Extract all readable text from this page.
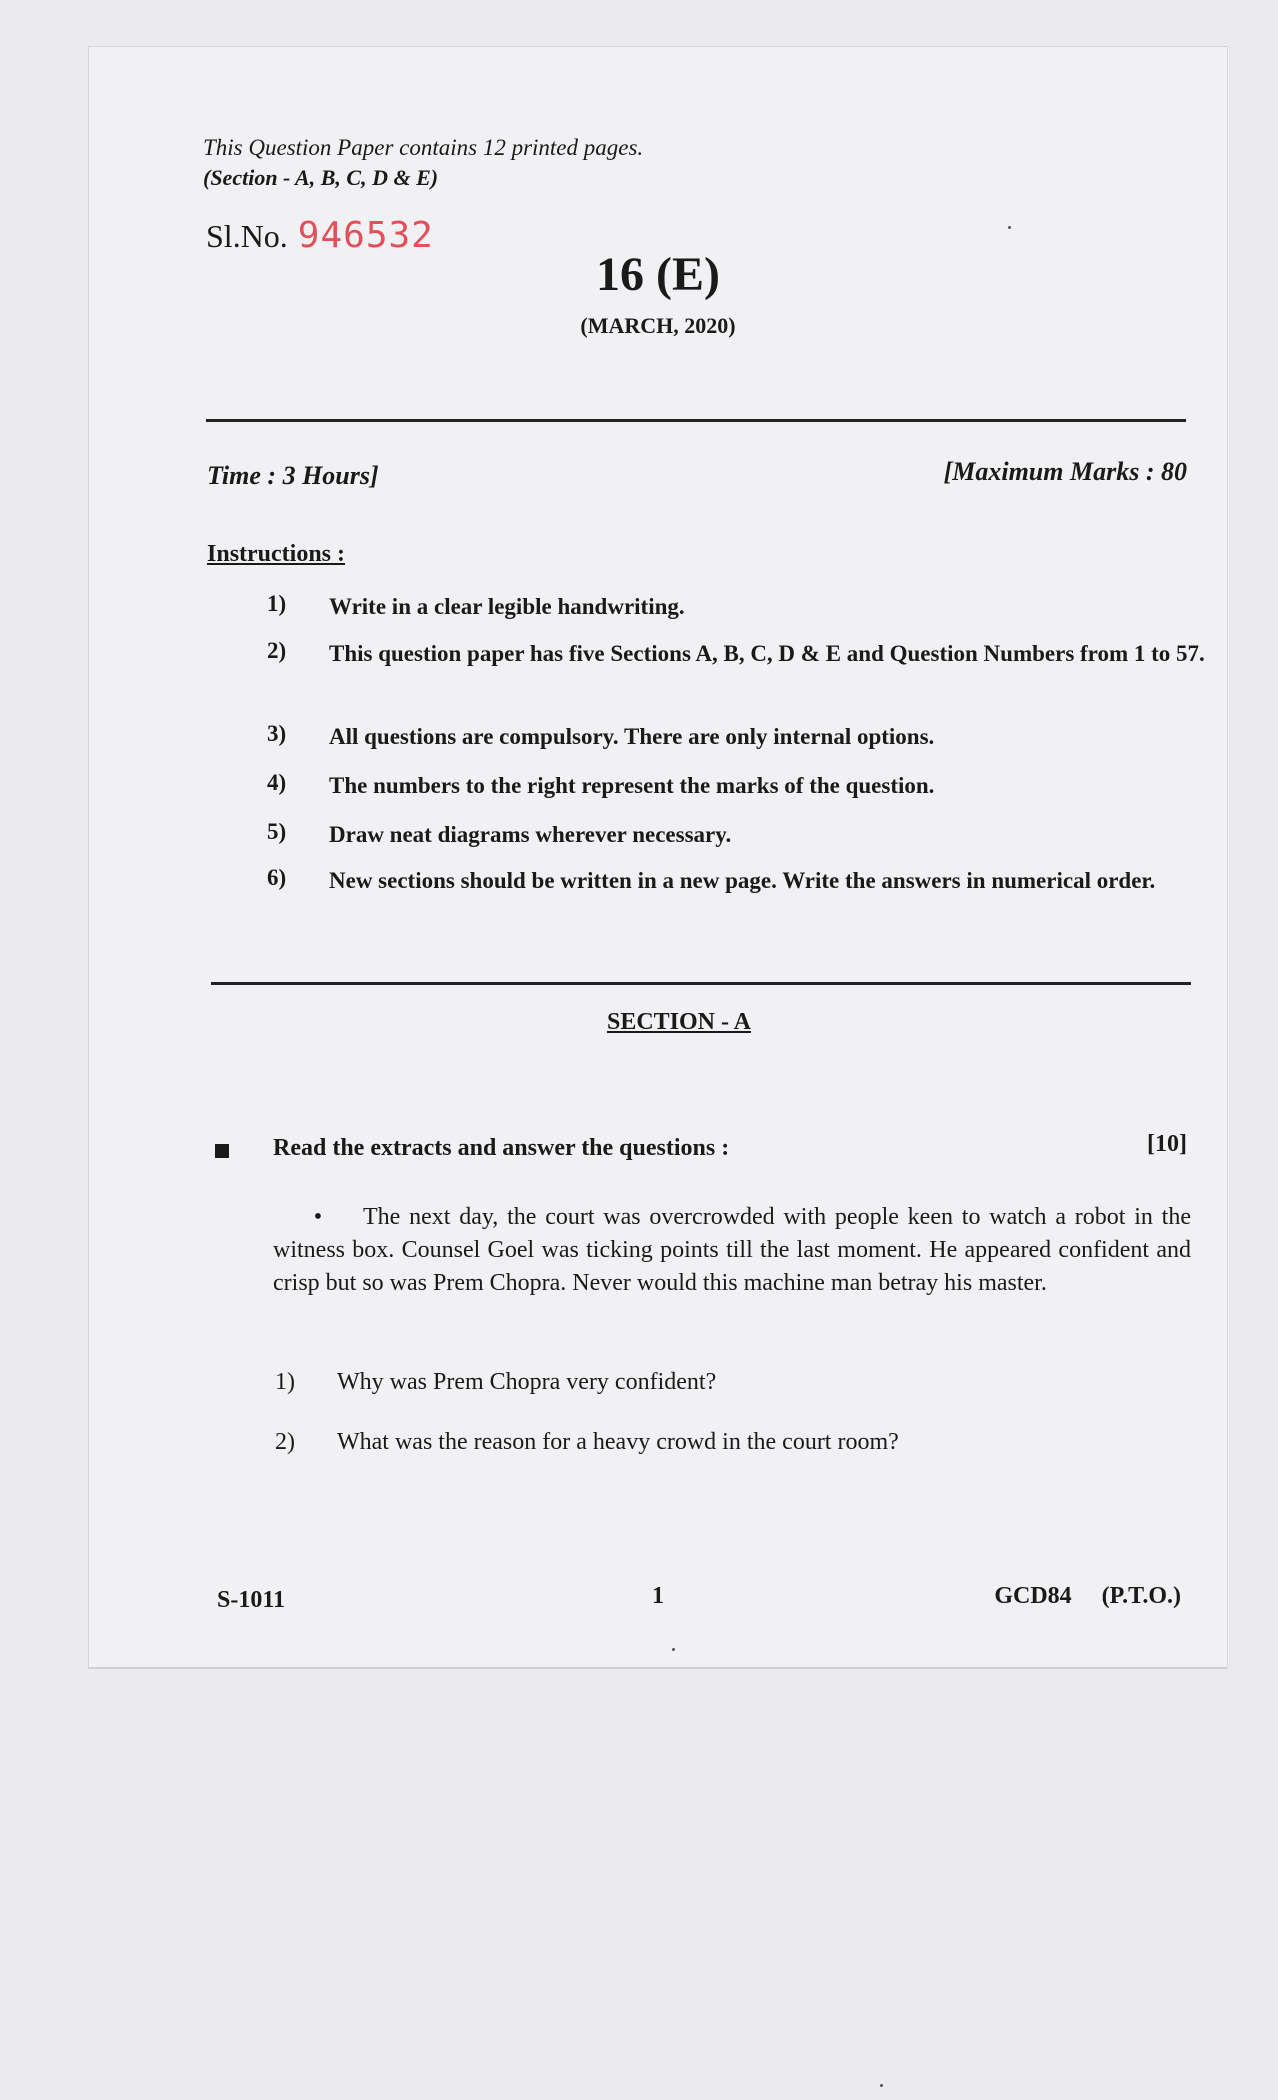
This Question Paper contains 12 printed pages.
(Section - A, B, C, D & E)
Sl.No. 946532
16 (E)
(MARCH, 2020)
Time : 3 Hours]	[Maximum Marks : 80
Instructions :
1)	Write in a clear legible handwriting.
2)	This question paper has five Sections A, B, C, D & E and Question Numbers from 1 to 57.
3)	All questions are compulsory. There are only internal options.
4)	The numbers to the right represent the marks of the question.
5)	Draw neat diagrams wherever necessary.
6)	New sections should be written in a new page. Write the answers in numerical order.
SECTION - A
Read the extracts and answer the questions :	[10]
• The next day, the court was overcrowded with people keen to watch a robot in the witness box. Counsel Goel was ticking points till the last moment. He appeared confident and crisp but so was Prem Chopra. Never would this machine man betray his master.
1) Why was Prem Chopra very confident?
2) What was the reason for a heavy crowd in the court room?
S-1011	1	GCD84     (P.T.O.)
